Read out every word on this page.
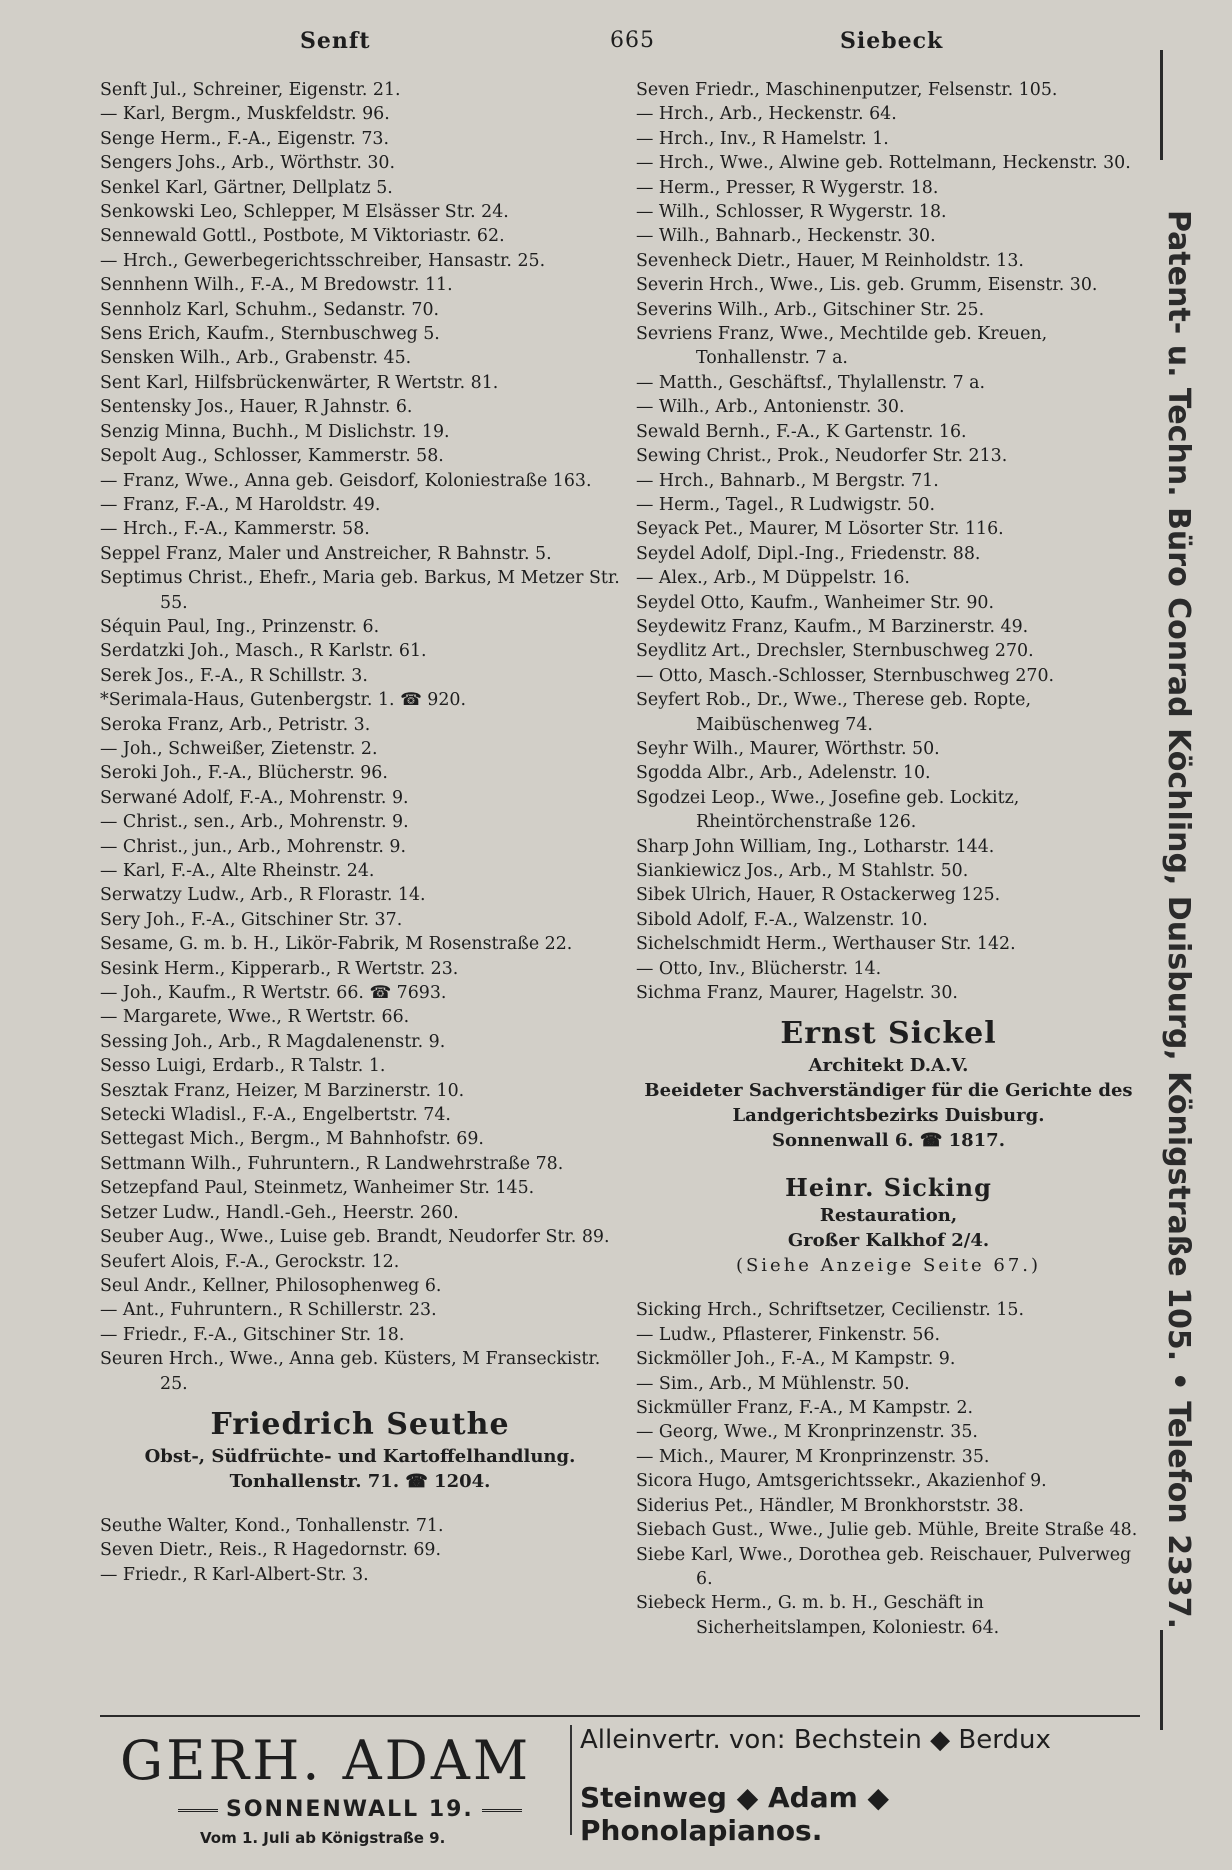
Senft	665	Siebeck
Senft Jul., Schreiner, Eigenstr. 21.
— Karl, Bergm., Muskfeldstr. 96.
Senge Herm., F.-A., Eigenstr. 73.
Sengers Johs., Arb., Wörthstr. 30.
Senkel Karl, Gärtner, Dellplatz 5.
Senkowski Leo, Schlepper, M Elsässer Str. 24.
Sennewald Gottl., Postbote, M Viktoriastr. 62.
— Hrch., Gewerbegerichtsschreiber, Hansastr. 25.
Sennhenn Wilh., F.-A., M Bredowstr. 11.
Sennholz Karl, Schuhm., Sedanstr. 70.
Sens Erich, Kaufm., Sternbuschweg 5.
Sensken Wilh., Arb., Grabenstr. 45.
Sent Karl, Hilfsbrückenwärter, R Wertstr. 81.
Sentensky Jos., Hauer, R Jahnstr. 6.
Senzig Minna, Buchh., M Dislichstr. 19.
Sepolt Aug., Schlosser, Kammerstr. 58.
— Franz, Wwe., Anna geb. Geisdorf, Koloniestraße 163.
— Franz, F.-A., M Haroldstr. 49.
— Hrch., F.-A., Kammerstr. 58.
Seppel Franz, Maler und Anstreicher, R Bahnstr. 5.
Septimus Christ., Ehefr., Maria geb. Barkus, M Metzer Str. 55.
Séquin Paul, Ing., Prinzenstr. 6.
Serdatzki Joh., Masch., R Karlstr. 61.
Serek Jos., F.-A., R Schillstr. 3.
*Serimala-Haus, Gutenbergstr. 1. ☎ 920.
Seroka Franz, Arb., Petristr. 3.
— Joh., Schweißer, Zietenstr. 2.
Seroki Joh., F.-A., Blücherstr. 96.
Serwané Adolf, F.-A., Mohrenstr. 9.
— Christ., sen., Arb., Mohrenstr. 9.
— Christ., jun., Arb., Mohrenstr. 9.
— Karl, F.-A., Alte Rheinstr. 24.
Serwatzy Ludw., Arb., R Florastr. 14.
Sery Joh., F.-A., Gitschiner Str. 37.
Sesame, G. m. b. H., Likör-Fabrik, M Rosenstraße 22.
Sesink Herm., Kipperarb., R Wertstr. 23.
— Joh., Kaufm., R Wertstr. 66. ☎ 7693.
— Margarete, Wwe., R Wertstr. 66.
Sessing Joh., Arb., R Magdalenenstr. 9.
Sesso Luigi, Erdarb., R Talstr. 1.
Sesztak Franz, Heizer, M Barzinerstr. 10.
Setecki Wladisl., F.-A., Engelbertstr. 74.
Settegast Mich., Bergm., M Bahnhofstr. 69.
Settmann Wilh., Fuhruntern., R Landwehrstraße 78.
Setzepfand Paul, Steinmetz, Wanheimer Str. 145.
Setzer Ludw., Handl.-Geh., Heerstr. 260.
Seuber Aug., Wwe., Luise geb. Brandt, Neudorfer Str. 89.
Seufert Alois, F.-A., Gerockstr. 12.
Seul Andr., Kellner, Philosophenweg 6.
— Ant., Fuhruntern., R Schillerstr. 23.
— Friedr., F.-A., Gitschiner Str. 18.
Seuren Hrch., Wwe., Anna geb. Küsters, M Franseckistr. 25.
Friedrich Seuthe
Obst-, Südfrüchte- und Kartoffelhandlung.
Tonhallenstr. 71. ☎ 1204.
Seuthe Walter, Kond., Tonhallenstr. 71.
Seven Dietr., Reis., R Hagedornstr. 69.
— Friedr., R Karl-Albert-Str. 3.
Seven Friedr., Maschinenputzer, Felsenstr. 105.
— Hrch., Arb., Heckenstr. 64.
— Hrch., Inv., R Hamelstr. 1.
— Hrch., Wwe., Alwine geb. Rottelmann, Heckenstr. 30.
— Herm., Presser, R Wygerstr. 18.
— Wilh., Schlosser, R Wygerstr. 18.
— Wilh., Bahnarb., Heckenstr. 30.
Sevenheck Dietr., Hauer, M Reinholdstr. 13.
Severin Hrch., Wwe., Lis. geb. Grumm, Eisenstr. 30.
Severins Wilh., Arb., Gitschiner Str. 25.
Sevriens Franz, Wwe., Mechtilde geb. Kreuen, Tonhallenstr. 7 a.
— Matth., Geschäftsf., Thylallenstr. 7 a.
— Wilh., Arb., Antonienstr. 30.
Sewald Bernh., F.-A., K Gartenstr. 16.
Sewing Christ., Prok., Neudorfer Str. 213.
— Hrch., Bahnarb., M Bergstr. 71.
— Herm., Tagel., R Ludwigstr. 50.
Seyack Pet., Maurer, M Lösorter Str. 116.
Seydel Adolf, Dipl.-Ing., Friedenstr. 88.
— Alex., Arb., M Düppelstr. 16.
Seydel Otto, Kaufm., Wanheimer Str. 90.
Seydewitz Franz, Kaufm., M Barzinerstr. 49.
Seydlitz Art., Drechsler, Sternbuschweg 270.
— Otto, Masch.-Schlosser, Sternbuschweg 270.
Seyfert Rob., Dr., Wwe., Therese geb. Ropte, Maibüschenweg 74.
Seyhr Wilh., Maurer, Wörthstr. 50.
Sgodda Albr., Arb., Adelenstr. 10.
Sgodzei Leop., Wwe., Josefine geb. Lockitz, Rheintörchenstraße 126.
Sharp John William, Ing., Lotharstr. 144.
Siankiewicz Jos., Arb., M Stahlstr. 50.
Sibek Ulrich, Hauer, R Ostackerweg 125.
Sibold Adolf, F.-A., Walzenstr. 10.
Sichelschmidt Herm., Werthauser Str. 142.
— Otto, Inv., Blücherstr. 14.
Sichma Franz, Maurer, Hagelstr. 30.
Ernst Sickel
Architekt D.A.V.
Beeideter Sachverständiger für die Gerichte des Landgerichtsbezirks Duisburg.
Sonnenwall 6. ☎ 1817.
Heinr. Sicking
Restauration,
Großer Kalkhof 2/4.
(Siehe Anzeige Seite 67.)
Sicking Hrch., Schriftsetzer, Cecilienstr. 15.
— Ludw., Pflasterer, Finkenstr. 56.
Sickmöller Joh., F.-A., M Kampstr. 9.
— Sim., Arb., M Mühlenstr. 50.
Sickmüller Franz, F.-A., M Kampstr. 2.
— Georg, Wwe., M Kronprinzenstr. 35.
— Mich., Maurer, M Kronprinzenstr. 35.
Sicora Hugo, Amtsgerichtssekr., Akazienhof 9.
Siderius Pet., Händler, M Bronkhorststr. 38.
Siebach Gust., Wwe., Julie geb. Mühle, Breite Straße 48.
Siebe Karl, Wwe., Dorothea geb. Reischauer, Pulverweg 6.
Siebeck Herm., G. m. b. H., Geschäft in Sicherheitslampen, Koloniestr. 64.	Patent- u. Techn. Büro Conrad Köchling, Duisburg, Königstraße 105. • Telefon 2337.
GERH. ADAM
SONNENWALL 19.
Vom 1. Juli ab Königstraße 9.
Alleinvertr. von: Bechstein ◆ Berdux
Steinweg ◆ Adam ◆ Phonolapianos.
